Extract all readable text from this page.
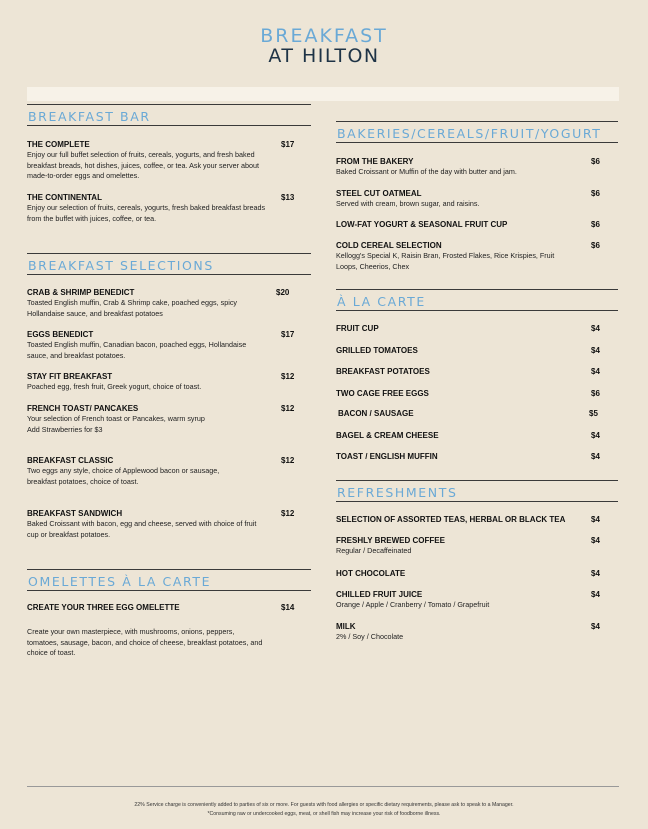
BREAKFAST
AT HILTON
BREAKFAST BAR
THE COMPLETE	$17
Enjoy our full buffet selection of fruits, cereals, yogurts, and fresh baked breakfast breads, hot dishes, juices, coffee, or tea. Ask your server about made-to-order eggs and omelettes.
THE CONTINENTAL	$13
Enjoy our selection of fruits, cereals, yogurts, fresh baked breakfast breads from the buffet with juices, coffee, or tea.
BREAKFAST SELECTIONS
CRAB & SHRIMP BENEDICT	$20
Toasted English muffin, Crab & Shrimp cake, poached eggs, spicy Hollandaise sauce, and breakfast potatoes
EGGS BENEDICT	$17
Toasted English muffin, Canadian bacon, poached eggs, Hollandaise sauce, and breakfast potatoes.
STAY FIT BREAKFAST	$12
Poached egg, fresh fruit, Greek yogurt, choice of toast.
FRENCH TOAST/ PANCAKES	$12
Your selection of French toast or Pancakes, warm syrup
Add Strawberries for $3
BREAKFAST CLASSIC	$12
Two eggs any style, choice of Applewood bacon or sausage,
breakfast potatoes, choice of toast.
BREAKFAST SANDWICH	$12
Baked Croissant with bacon, egg and cheese, served with choice of fruit cup or breakfast potatoes.
OMELETTES À LA CARTE
CREATE YOUR THREE EGG OMELETTE	$14
Create your own masterpiece, with mushrooms, onions, peppers, tomatoes, sausage, bacon, and choice of cheese, breakfast potatoes, and choice of toast.
BAKERIES/CEREALS/FRUIT/YOGURT
FROM THE BAKERY	$6
Baked Croissant or Muffin of the day with butter and jam.
STEEL CUT OATMEAL	$6
Served with cream, brown sugar, and raisins.
LOW-FAT YOGURT & SEASONAL FRUIT CUP	$6
COLD CEREAL SELECTION	$6
Kellogg's Special K, Raisin Bran, Frosted Flakes, Rice Krispies, Fruit Loops, Cheerios, Chex
À LA CARTE
FRUIT CUP	$4
GRILLED TOMATOES	$4
BREAKFAST POTATOES	$4
TWO CAGE FREE EGGS	$6
BACON / SAUSAGE	$5
BAGEL & CREAM CHEESE	$4
TOAST / ENGLISH MUFFIN	$4
REFRESHMENTS
SELECTION OF ASSORTED TEAS, HERBAL OR BLACK TEA	$4
FRESHLY BREWED COFFEE	$4
Regular / Decaffeinated
HOT CHOCOLATE	$4
CHILLED FRUIT JUICE	$4
Orange / Apple / Cranberry / Tomato / Grapefruit
MILK	$4
2% / Soy / Chocolate
22% Service charge is conveniently added to parties of six or more. For guests with food allergies or specific dietary requirements, please ask to speak to a Manager.
*Consuming raw or undercooked eggs, meat, or shell fish may increase your risk of foodborne illness.
